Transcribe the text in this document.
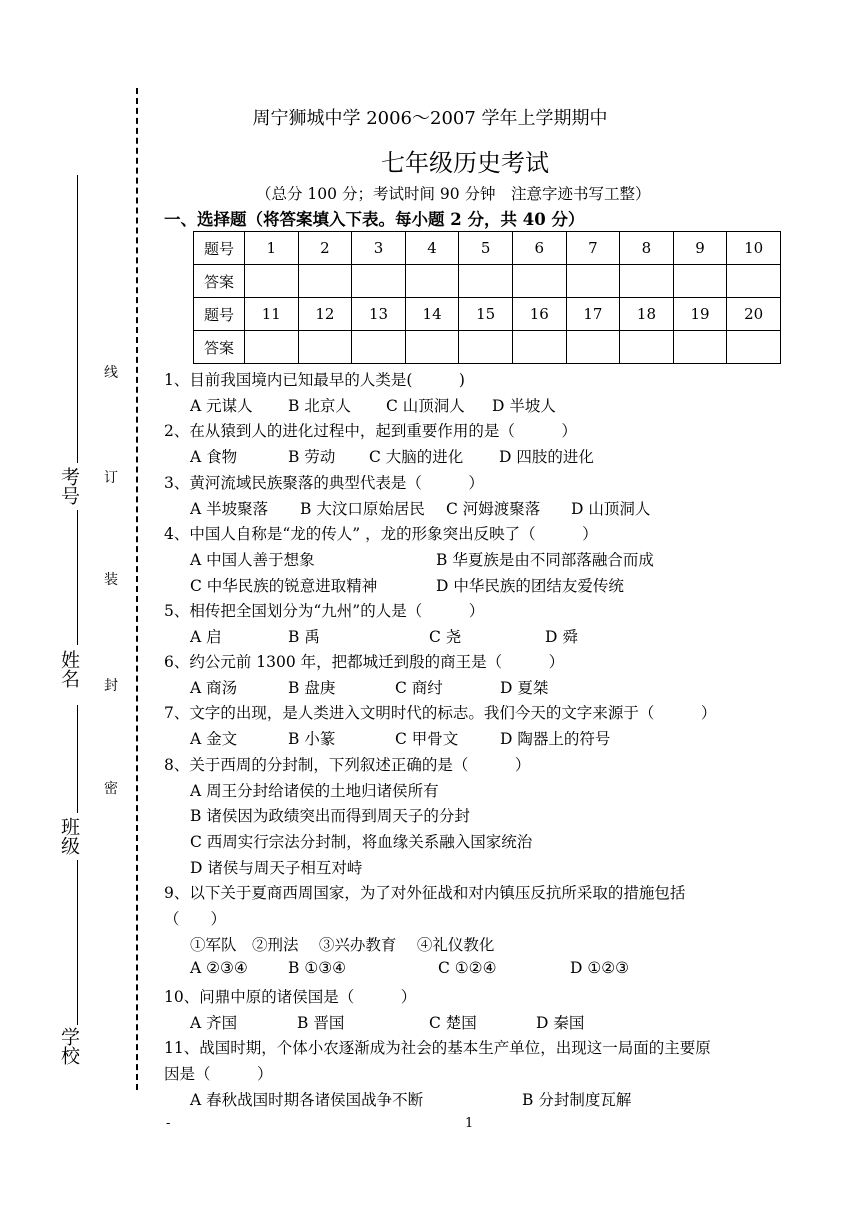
学校
班级
姓名
考号
密
封
装
订
线
周宁狮城中学 2006～2007 学年上学期期中
七年级历史考试
（总分 100 分；考试时间 90 分钟　注意字迹书写工整）
一、选择题（将答案填入下表。每小题 2 分，共 40 分）
题号	1	2	3	4	5	6	7	8	9	10
答案										
题号	11	12	13	14	15	16	17	18	19	20
答案										
1、目前我国境内已知最早的人类是(　　　)
A 元谋人 B 北京人 C 山顶洞人 D 半坡人
2、在从猿到人的进化过程中，起到重要作用的是（　　　）
A 食物	B 劳动 C 大脑的进化 D 四肢的进化
3、黄河流域民族聚落的典型代表是（　　　）
A 半坡聚落 B 大汶口原始居民 C 河姆渡聚落 D 山顶洞人
4、中国人自称是“龙的传人” ，龙的形象突出反映了（　　　）
A 中国人善于想象	B 华夏族是由不同部落融合而成
C 中华民族的锐意进取精神	D 中华民族的团结友爱传统
5、相传把全国划分为“九州”的人是（　　　）
A 启	B 禹	C 尧	D 舜
6、约公元前 1300 年，把都城迁到殷的商王是（　　　）
A 商汤	B 盘庚	C 商纣	D 夏桀
7、文字的出现，是人类进入文明时代的标志。我们今天的文字来源于（　　　）
A 金文	B 小篆	C 甲骨文	D 陶器上的符号
8、关于西周的分封制，下列叙述正确的是（　　　）
A 周王分封给诸侯的土地归诸侯所有
B 诸侯因为政绩突出而得到周天子的分封
C 西周实行宗法分封制，将血缘关系融入国家统治
D 诸侯与周天子相互对峙
9、以下关于夏商西周国家，为了对外征战和对内镇压反抗所采取的措施包括
（　　）
①军队　②刑法　 ③兴办教育　 ④礼仪教化
A ②③④	B ①③④	C ①②④	D ①②③
10、问鼎中原的诸侯国是（　　　）
A 齐国	B 晋国	C 楚国	D 秦国
11、战国时期，个体小农逐渐成为社会的基本生产单位，出现这一局面的主要原
因是（　　　）
A 春秋战国时期各诸侯国战争不断	B 分封制度瓦解
-	1
